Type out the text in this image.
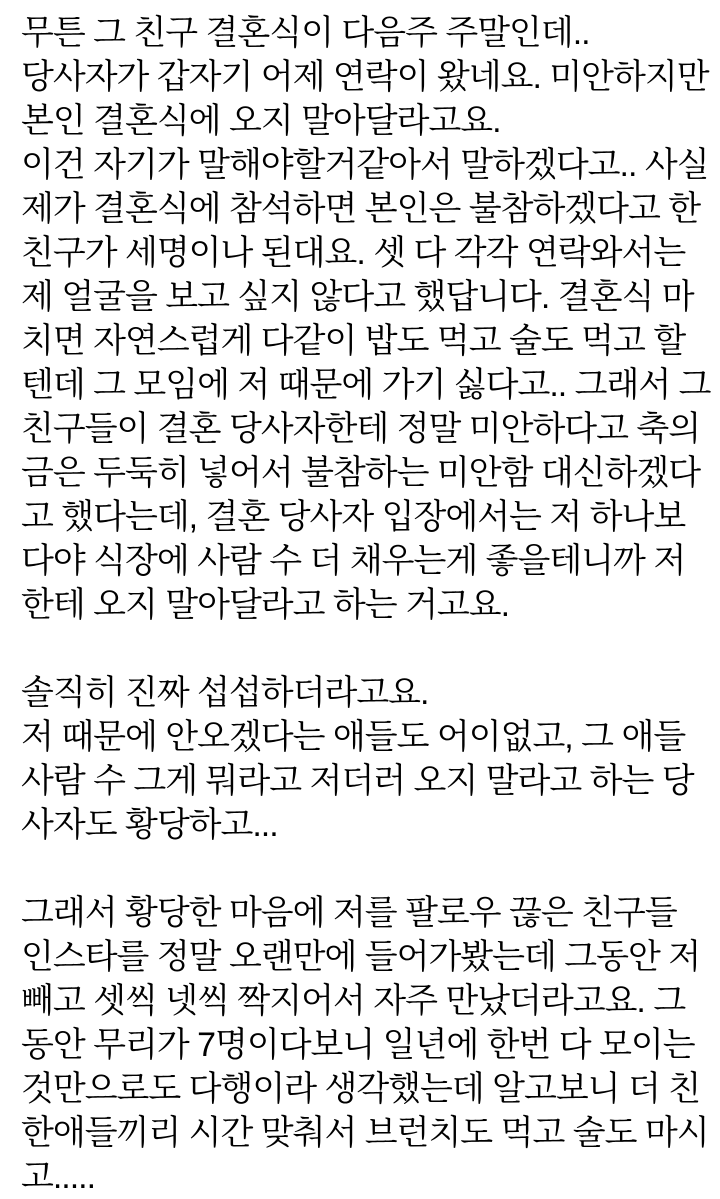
무튼 그 친구 결혼식이 다음주 주말인데..
당사자가 갑자기 어제 연락이 왔네요. 미안하지만
본인 결혼식에 오지 말아달라고요.
이건 자기가 말해야할거같아서 말하겠다고.. 사실
제가 결혼식에 참석하면 본인은 불참하겠다고 한
친구가 세명이나 된대요. 셋 다 각각 연락와서는
제 얼굴을 보고 싶지 않다고 했답니다. 결혼식 마
치면 자연스럽게 다같이 밥도 먹고 술도 먹고 할
텐데 그 모임에 저 때문에 가기 싫다고.. 그래서 그
친구들이 결혼 당사자한테 정말 미안하다고 축의
금은 두둑히 넣어서 불참하는 미안함 대신하겠다
고 했다는데, 결혼 당사자 입장에서는 저 하나보
다야 식장에 사람 수 더 채우는게 좋을테니까 저
한테 오지 말아달라고 하는 거고요.
솔직히 진짜 섭섭하더라고요.
저 때문에 안오겠다는 애들도 어이없고, 그 애들
사람 수 그게 뭐라고 저더러 오지 말라고 하는 당
사자도 황당하고...
그래서 황당한 마음에 저를 팔로우 끊은 친구들
인스타를 정말 오랜만에 들어가봤는데 그동안 저
빼고 셋씩 넷씩 짝지어서 자주 만났더라고요. 그
동안 무리가 7명이다보니 일년에 한번 다 모이는
것만으로도 다행이라 생각했는데 알고보니 더 친
한애들끼리 시간 맞춰서 브런치도 먹고 술도 마시
고.....
